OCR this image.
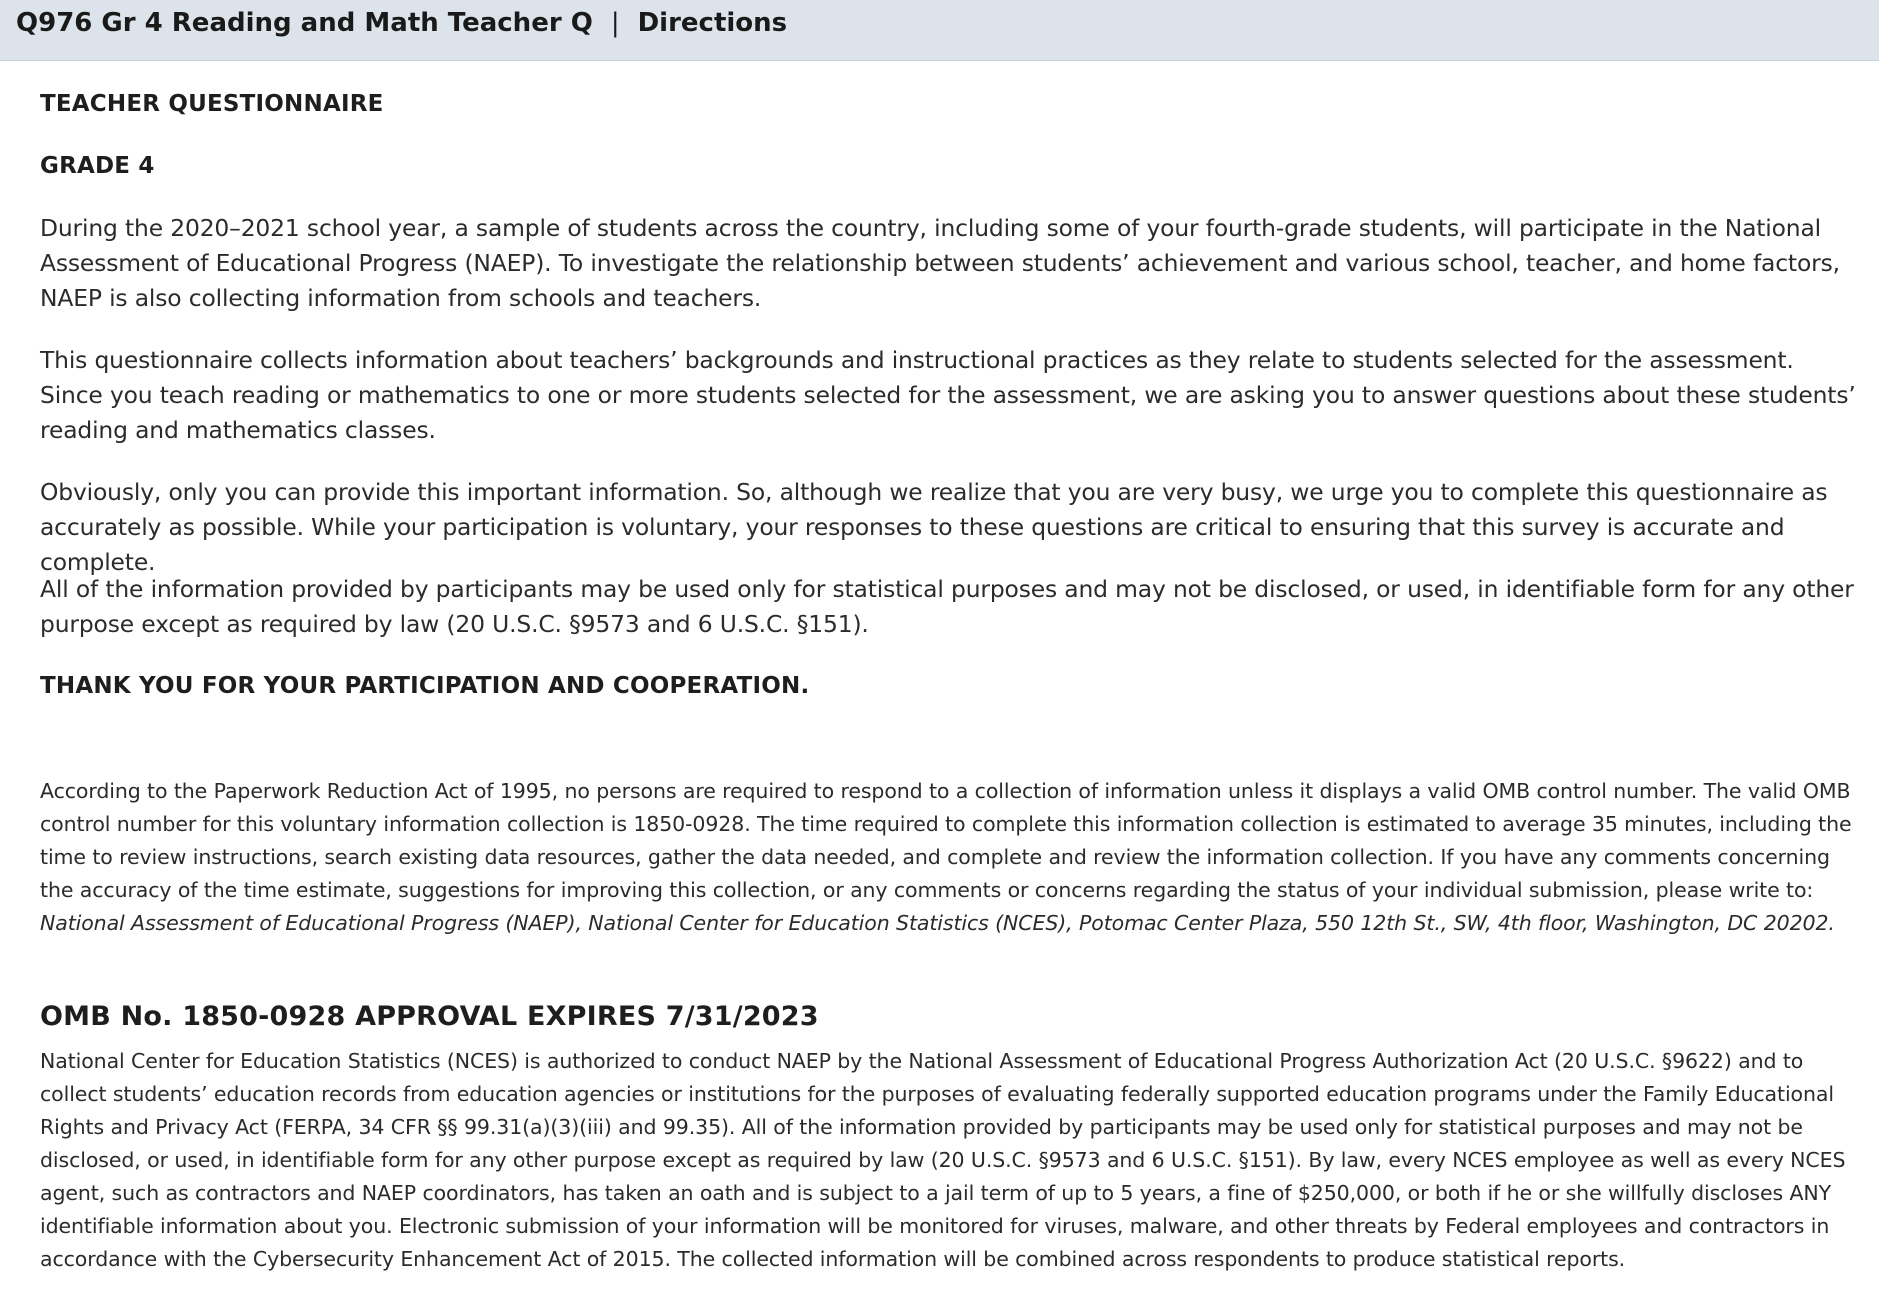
Q976 Gr 4 Reading and Math Teacher Q | Directions
TEACHER QUESTIONNAIRE
GRADE 4

During the 2020–2021 school year, a sample of students across the country, including some of your fourth-grade students, will participate in the National Assessment of Educational Progress (NAEP). To investigate the relationship between students’ achievement and various school, teacher, and home factors, NAEP is also collecting information from schools and teachers.

This questionnaire collects information about teachers’ backgrounds and instructional practices as they relate to students selected for the assessment. Since you teach reading or mathematics to one or more students selected for the assessment, we are asking you to answer questions about these students’ reading and mathematics classes.

Obviously, only you can provide this important information. So, although we realize that you are very busy, we urge you to complete this questionnaire as accurately as possible. While your participation is voluntary, your responses to these questions are critical to ensuring that this survey is accurate and complete.

All of the information provided by participants may be used only for statistical purposes and may not be disclosed, or used, in identifiable form for any other purpose except as required by law (20 U.S.C. §9573 and 6 U.S.C. §151).

THANK YOU FOR YOUR PARTICIPATION AND COOPERATION.

According to the Paperwork Reduction Act of 1995, no persons are required to respond to a collection of information unless it displays a valid OMB control number. The valid OMB control number for this voluntary information collection is 1850-0928. The time required to complete this information collection is estimated to average 35 minutes, including the time to review instructions, search existing data resources, gather the data needed, and complete and review the information collection. If you have any comments concerning the accuracy of the time estimate, suggestions for improving this collection, or any comments or concerns regarding the status of your individual submission, please write to: National Assessment of Educational Progress (NAEP), National Center for Education Statistics (NCES), Potomac Center Plaza, 550 12th St., SW, 4th floor, Washington, DC 20202.

OMB No. 1850-0928 APPROVAL EXPIRES 7/31/2023

National Center for Education Statistics (NCES) is authorized to conduct NAEP by the National Assessment of Educational Progress Authorization Act (20 U.S.C. §9622) and to collect students’ education records from education agencies or institutions for the purposes of evaluating federally supported education programs under the Family Educational Rights and Privacy Act (FERPA, 34 CFR §§ 99.31(a)(3)(iii) and 99.35). All of the information provided by participants may be used only for statistical purposes and may not be disclosed, or used, in identifiable form for any other purpose except as required by law (20 U.S.C. §9573 and 6 U.S.C. §151). By law, every NCES employee as well as every NCES agent, such as contractors and NAEP coordinators, has taken an oath and is subject to a jail term of up to 5 years, a fine of $250,000, or both if he or she willfully discloses ANY identifiable information about you. Electronic submission of your information will be monitored for viruses, malware, and other threats by Federal employees and contractors in accordance with the Cybersecurity Enhancement Act of 2015. The collected information will be combined across respondents to produce statistical reports.
